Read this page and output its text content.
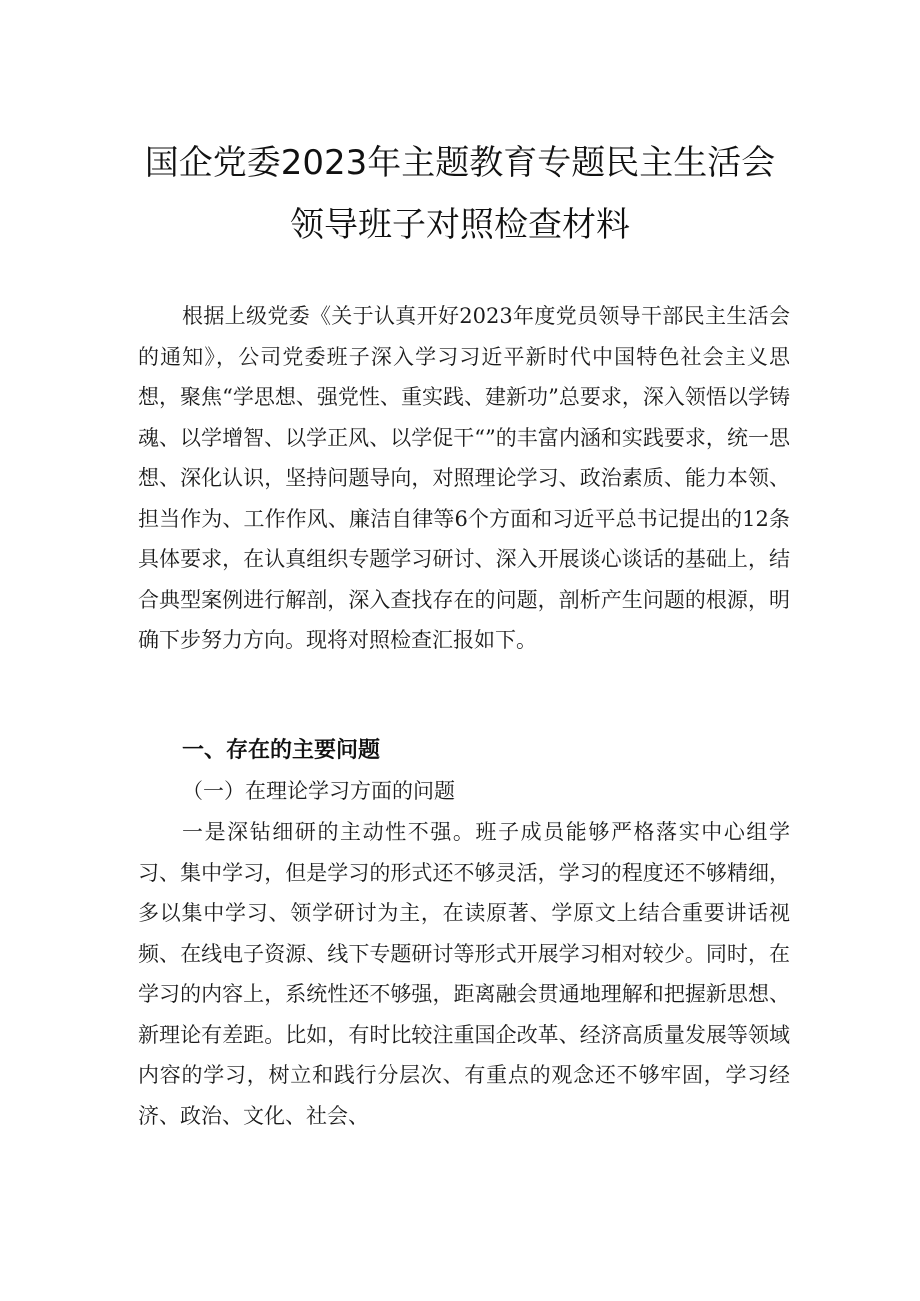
国企党委2023年主题教育专题民主生活会
领导班子对照检查材料
根据上级党委《关于认真开好2023年度党员领导干部民主生活会的通知》，公司党委班子深入学习习近平新时代中国特色社会主义思想，聚焦“学思想、强党性、重实践、建新功”总要求，深入领悟以学铸魂、以学增智、以学正风、以学促干“”的丰富内涵和实践要求，统一思想、深化认识，坚持问题导向，对照理论学习、政治素质、能力本领、担当作为、工作作风、廉洁自律等6个方面和习近平总书记提出的12条具体要求，在认真组织专题学习研讨、深入开展谈心谈话的基础上，结合典型案例进行解剖，深入查找存在的问题，剖析产生问题的根源，明确下步努力方向。现将对照检查汇报如下。
一、存在的主要问题
（一）在理论学习方面的问题
一是深钻细研的主动性不强。班子成员能够严格落实中心组学习、集中学习，但是学习的形式还不够灵活，学习的程度还不够精细，多以集中学习、领学研讨为主，在读原著、学原文上结合重要讲话视频、在线电子资源、线下专题研讨等形式开展学习相对较少。同时，在学习的内容上，系统性还不够强，距离融会贯通地理解和把握新思想、新理论有差距。比如，有时比较注重国企改革、经济高质量发展等领域内容的学习，树立和践行分层次、有重点的观念还不够牢固，学习经济、政治、文化、社会、
